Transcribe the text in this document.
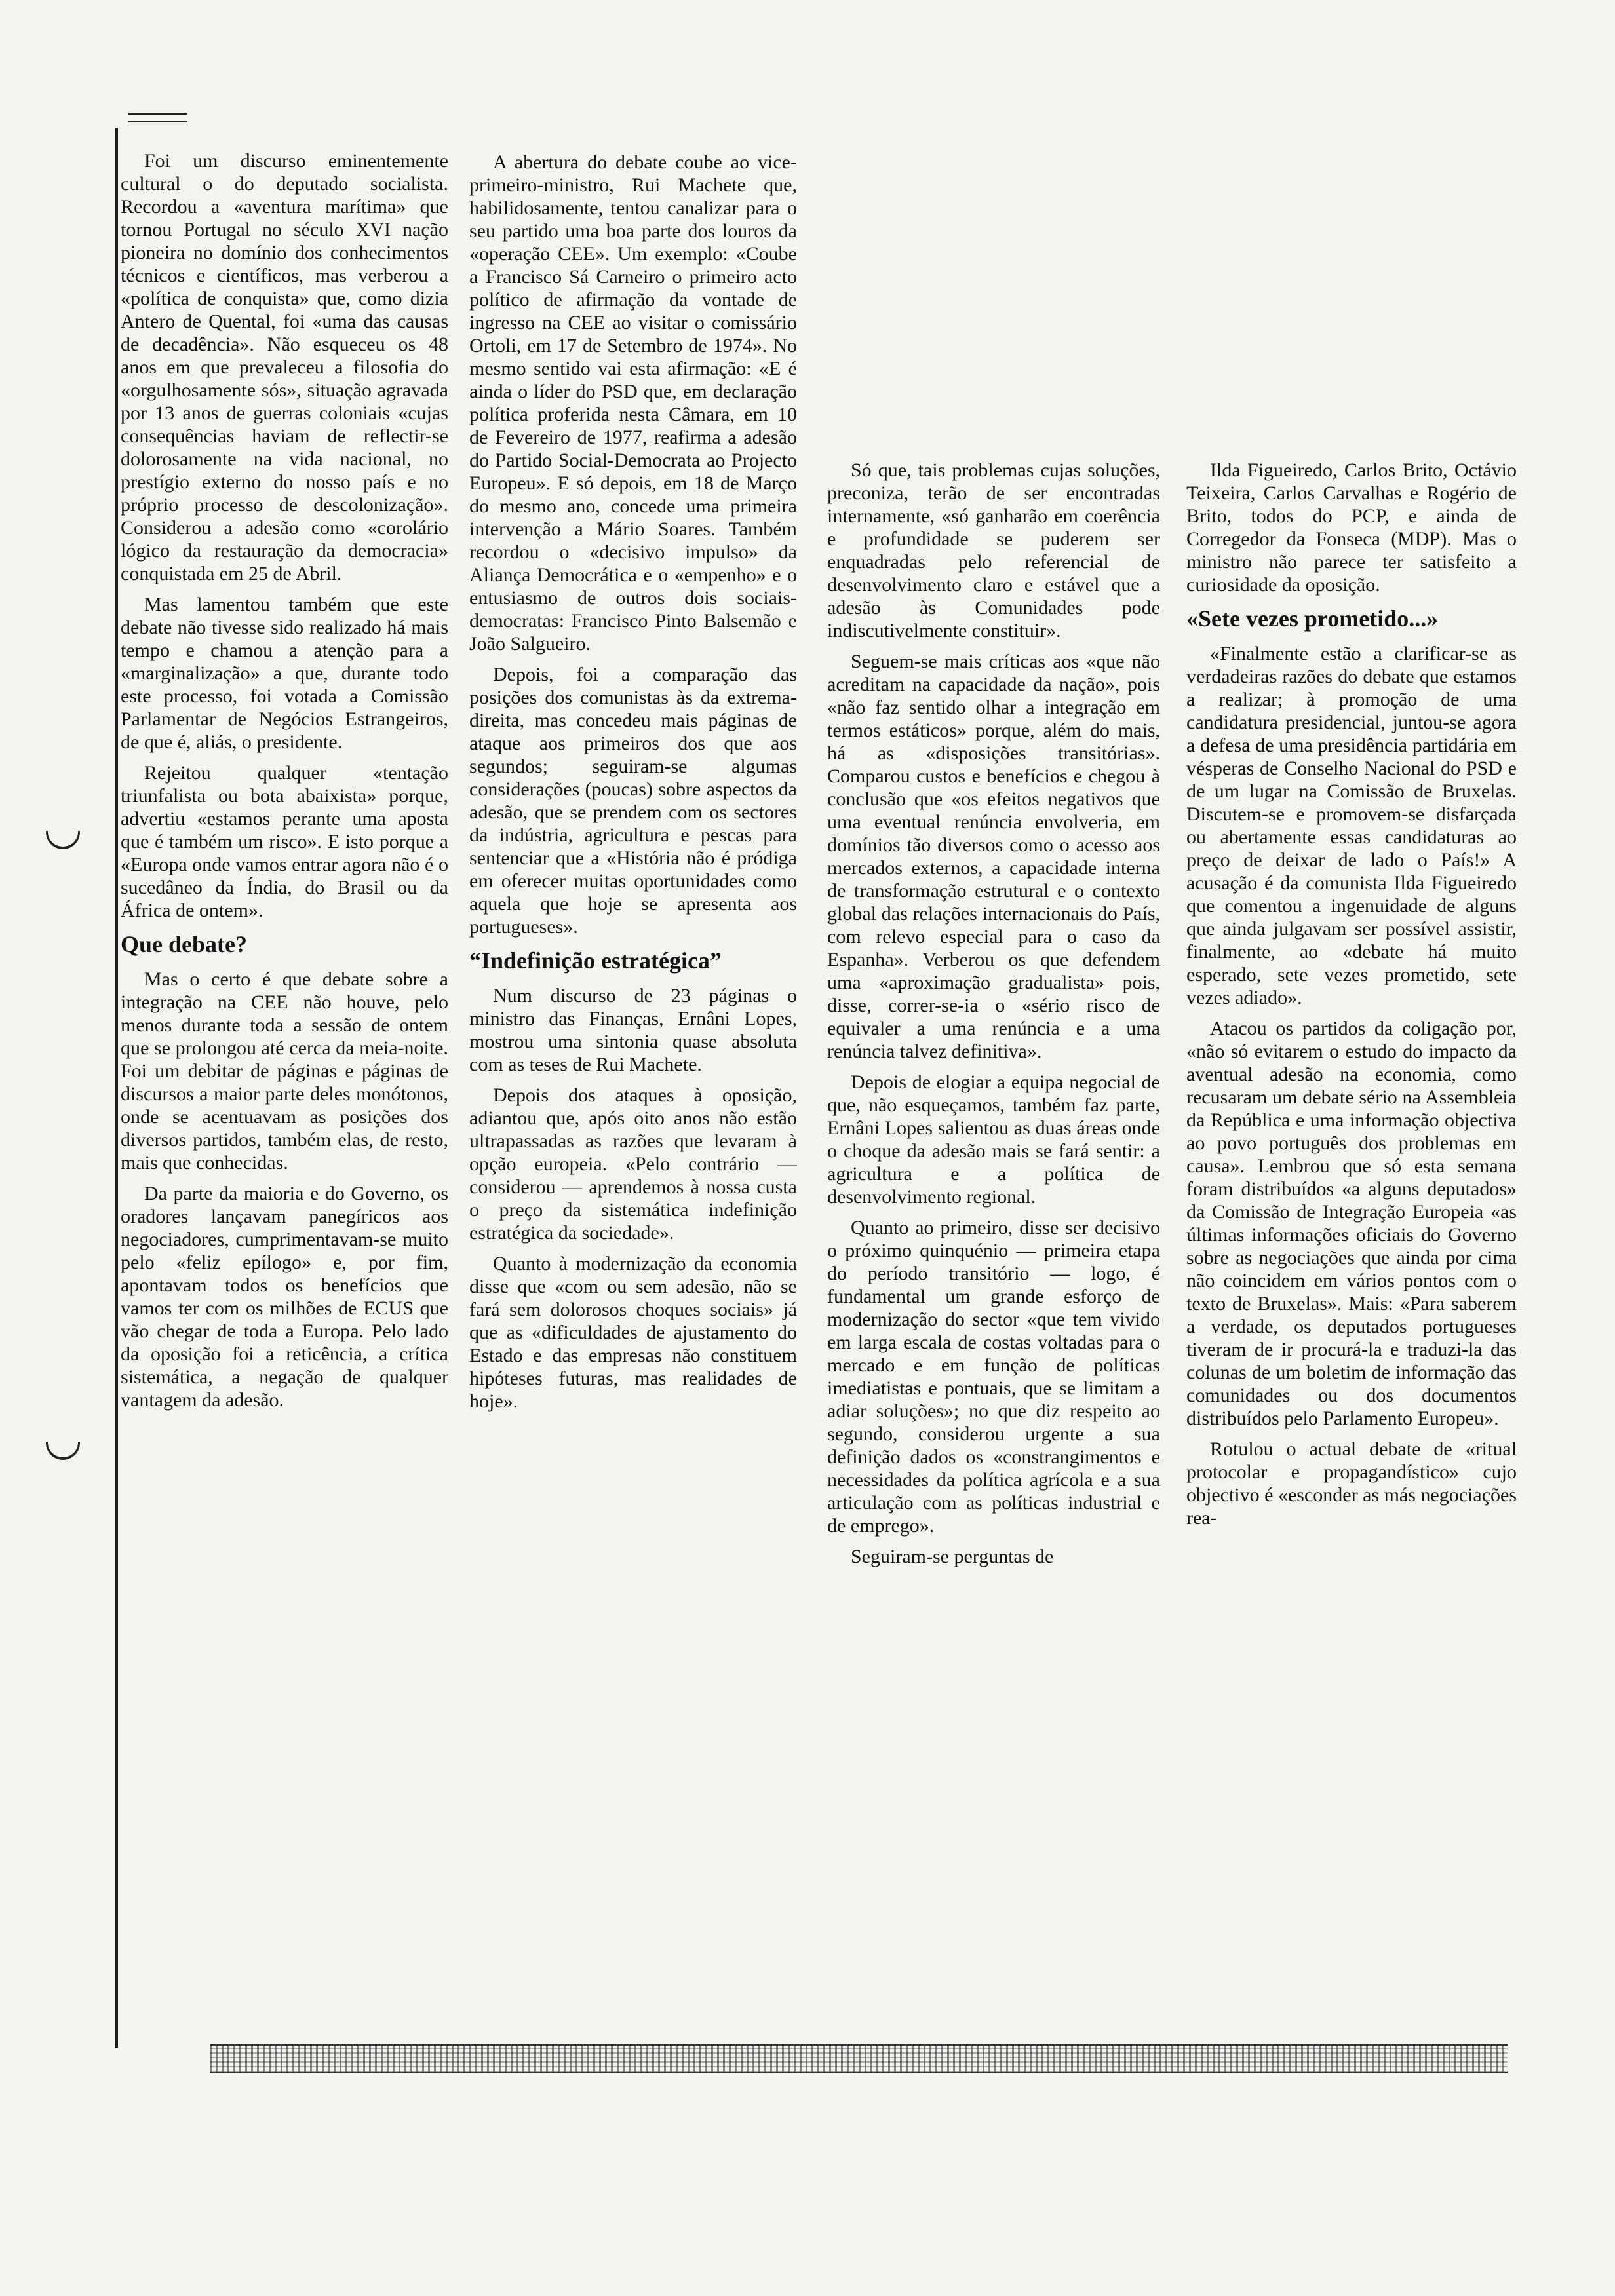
Foi um discurso eminentemente cultural o do deputado socialista. Recordou a «aventura marítima» que tornou Portugal no século XVI nação pioneira no domínio dos conhecimentos técnicos e científicos, mas verberou a «política de conquista» que, como dizia Antero de Quental, foi «uma das causas de decadência». Não esqueceu os 48 anos em que prevaleceu a filosofia do «orgulhosamente sós», situação agravada por 13 anos de guerras coloniais «cujas consequências haviam de reflectir-se dolorosamente na vida nacional, no prestígio externo do nosso país e no próprio processo de descolonização». Considerou a adesão como «corolário lógico da restauração da democracia» conquistada em 25 de Abril.

Mas lamentou também que este debate não tivesse sido realizado há mais tempo e chamou a atenção para a «marginalização» a que, durante todo este processo, foi votada a Comissão Parlamentar de Negócios Estrangeiros, de que é, aliás, o presidente.

Rejeitou qualquer «tentação triunfalista ou bota abaixista» porque, advertiu «estamos perante uma aposta que é também um risco». E isto porque a «Europa onde vamos entrar agora não é o sucedâneo da Índia, do Brasil ou da África de ontem».

Que debate?

Mas o certo é que debate sobre a integração na CEE não houve, pelo menos durante toda a sessão de ontem que se prolongou até cerca da meia-noite. Foi um debitar de páginas e páginas de discursos a maior parte deles monótonos, onde se acentuavam as posições dos diversos partidos, também elas, de resto, mais que conhecidas.

Da parte da maioria e do Governo, os oradores lançavam panegíricos aos negociadores, cumprimentavam-se muito pelo «feliz epílogo» e, por fim, apontavam todos os benefícios que vamos ter com os milhões de ECUS que vão chegar de toda a Europa. Pelo lado da oposição foi a reticência, a crítica sistemática, a negação de qualquer vantagem da adesão.

A abertura do debate coube ao vice-primeiro-ministro, Rui Machete que, habilidosamente, tentou canalizar para o seu partido uma boa parte dos louros da «operação CEE». Um exemplo: «Coube a Francisco Sá Carneiro o primeiro acto político de afirmação da vontade de ingresso na CEE ao visitar o comissário Ortoli, em 17 de Setembro de 1974». No mesmo sentido vai esta afirmação: «E é ainda o líder do PSD que, em declaração política proferida nesta Câmara, em 10 de Fevereiro de 1977, reafirma a adesão do Partido Social-Democrata ao Projecto Europeu». E só depois, em 18 de Março do mesmo ano, concede uma primeira intervenção a Mário Soares. Também recordou o «decisivo impulso» da Aliança Democrática e o «empenho» e o entusiasmo de outros dois sociais-democratas: Francisco Pinto Balsemão e João Salgueiro.

Depois, foi a comparação das posições dos comunistas às da extrema-direita, mas concedeu mais páginas de ataque aos primeiros dos que aos segundos; seguiram-se algumas considerações (poucas) sobre aspectos da adesão, que se prendem com os sectores da indústria, agricultura e pescas para sentenciar que a «História não é pródiga em oferecer muitas oportunidades como aquela que hoje se apresenta aos portugueses».

“Indefinição estratégica”

Num discurso de 23 páginas o ministro das Finanças, Ernâni Lopes, mostrou uma sintonia quase absoluta com as teses de Rui Machete.

Depois dos ataques à oposição, adiantou que, após oito anos não estão ultrapassadas as razões que levaram à opção europeia. «Pelo contrário — considerou — aprendemos à nossa custa o preço da sistemática indefinição estratégica da sociedade».

Quanto à modernização da economia disse que «com ou sem adesão, não se fará sem dolorosos choques sociais» já que as «dificuldades de ajustamento do Estado e das empresas não constituem hipóteses futuras, mas realidades de hoje».

Só que, tais problemas cujas soluções, preconiza, terão de ser encontradas internamente, «só ganharão em coerência e profundidade se puderem ser enquadradas pelo referencial de desenvolvimento claro e estável que a adesão às Comunidades pode indiscutivelmente constituir».

Seguem-se mais críticas aos «que não acreditam na capacidade da nação», pois «não faz sentido olhar a integração em termos estáticos» porque, além do mais, há as «disposições transitórias». Comparou custos e benefícios e chegou à conclusão que «os efeitos negativos que uma eventual renúncia envolveria, em domínios tão diversos como o acesso aos mercados externos, a capacidade interna de transformação estrutural e o contexto global das relações internacionais do País, com relevo especial para o caso da Espanha». Verberou os que defendem uma «aproximação gradualista» pois, disse, correr-se-ia o «sério risco de equivaler a uma renúncia e a uma renúncia talvez definitiva».

Depois de elogiar a equipa negocial de que, não esqueçamos, também faz parte, Ernâni Lopes salientou as duas áreas onde o choque da adesão mais se fará sentir: a agricultura e a política de desenvolvimento regional.

Quanto ao primeiro, disse ser decisivo o próximo quinquénio — primeira etapa do período transitório — logo, é fundamental um grande esforço de modernização do sector «que tem vivido em larga escala de costas voltadas para o mercado e em função de políticas imediatistas e pontuais, que se limitam a adiar soluções»; no que diz respeito ao segundo, considerou urgente a sua definição dados os «constrangimentos e necessidades da política agrícola e a sua articulação com as políticas industrial e de emprego».

Seguiram-se perguntas de

Ilda Figueiredo, Carlos Brito, Octávio Teixeira, Carlos Carvalhas e Rogério de Brito, todos do PCP, e ainda de Corregedor da Fonseca (MDP). Mas o ministro não parece ter satisfeito a curiosidade da oposição.

«Sete vezes prometido...»

«Finalmente estão a clarificar-se as verdadeiras razões do debate que estamos a realizar; à promoção de uma candidatura presidencial, juntou-se agora a defesa de uma presidência partidária em vésperas de Conselho Nacional do PSD e de um lugar na Comissão de Bruxelas. Discutem-se e promovem-se disfarçada ou abertamente essas candidaturas ao preço de deixar de lado o País!» A acusação é da comunista Ilda Figueiredo que comentou a ingenuidade de alguns que ainda julgavam ser possível assistir, finalmente, ao «debate há muito esperado, sete vezes prometido, sete vezes adiado».

Atacou os partidos da coligação por, «não só evitarem o estudo do impacto da aventual adesão na economia, como recusaram um debate sério na Assembleia da República e uma informação objectiva ao povo português dos problemas em causa». Lembrou que só esta semana foram distribuídos «a alguns deputados» da Comissão de Integração Europeia «as últimas informações oficiais do Governo sobre as negociações que ainda por cima não coincidem em vários pontos com o texto de Bruxelas». Mais: «Para saberem a verdade, os deputados portugueses tiveram de ir procurá-la e traduzi-la das colunas de um boletim de informação das comunidades ou dos documentos distribuídos pelo Parlamento Europeu».

Rotulou o actual debate de «ritual protocolar e propagandístico» cujo objectivo é «esconder as más negociações rea-
